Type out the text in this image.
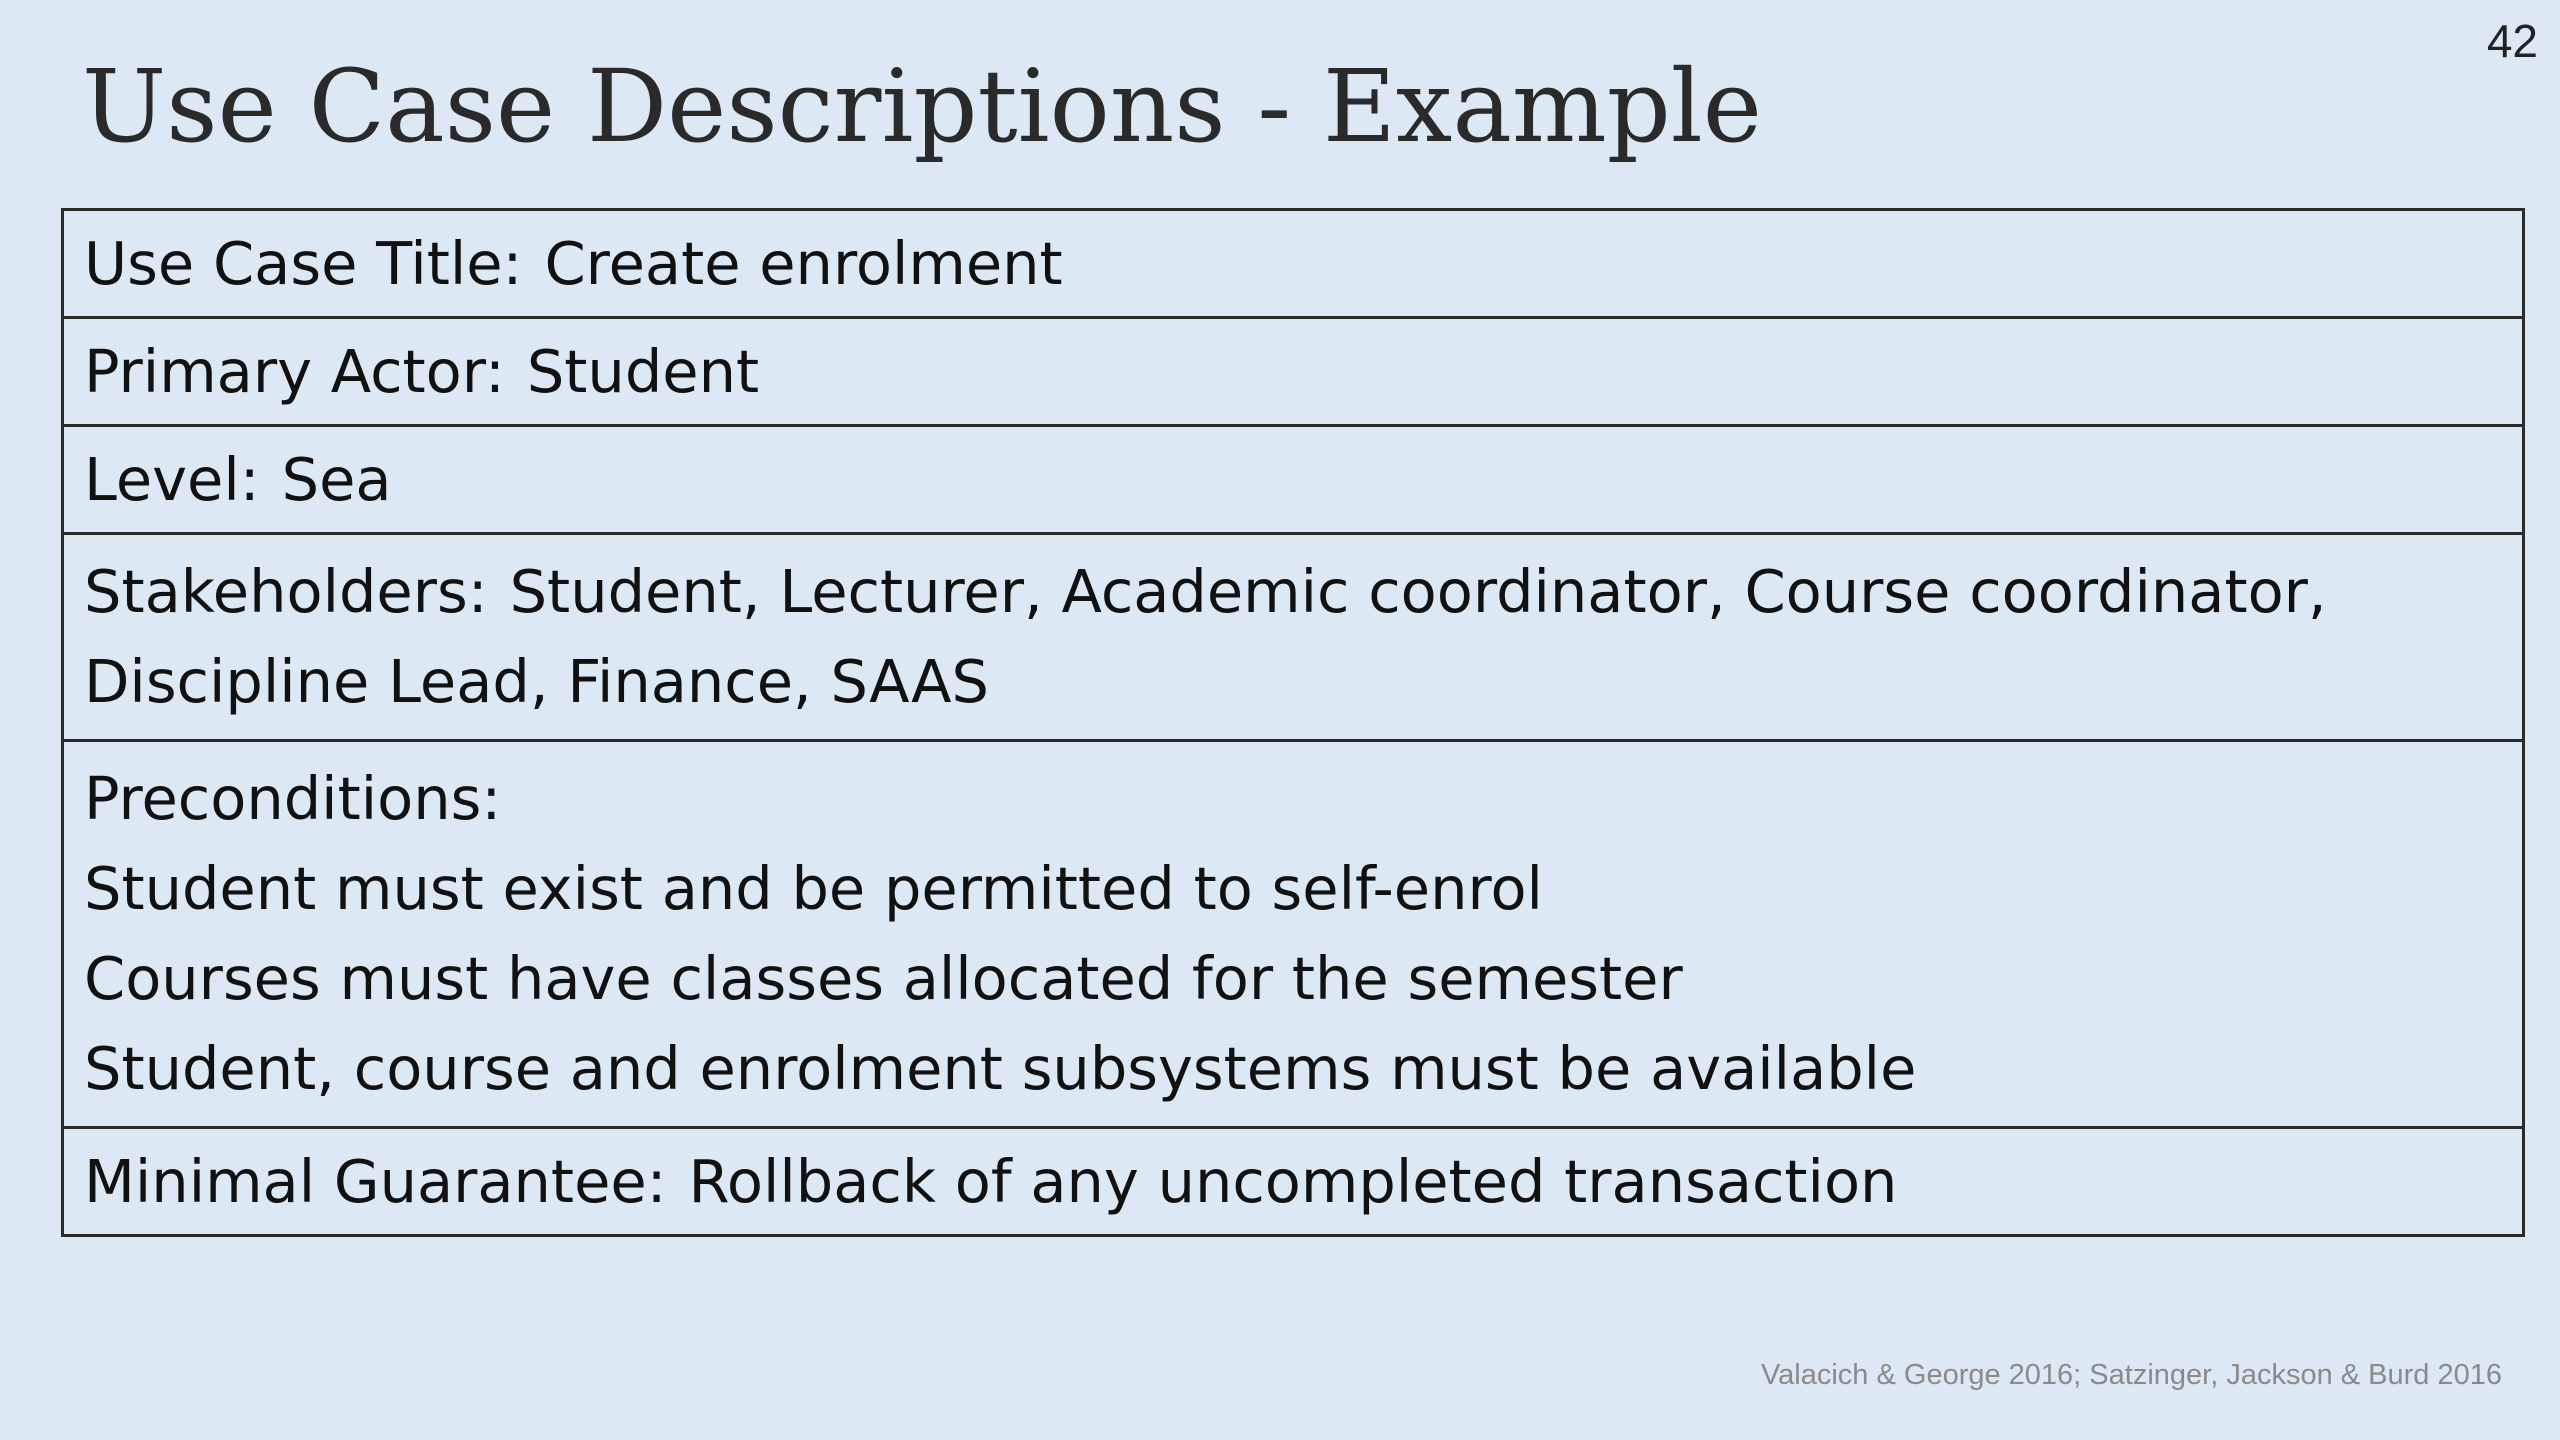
42
Use Case Descriptions - Example
Use Case Title: Create enrolment
Primary Actor: Student
Level: Sea

Stakeholders: Student, Lecturer, Academic coordinator, Course coordinator,
Discipline Lead, Finance, SAAS

Preconditions:
Student must exist and be permitted to self-enrol
Courses must have classes allocated for the semester
Student, course and enrolment subsystems must be available

Minimal Guarantee: Rollback of any uncompleted transaction
Valacich & George 2016; Satzinger, Jackson & Burd 2016
